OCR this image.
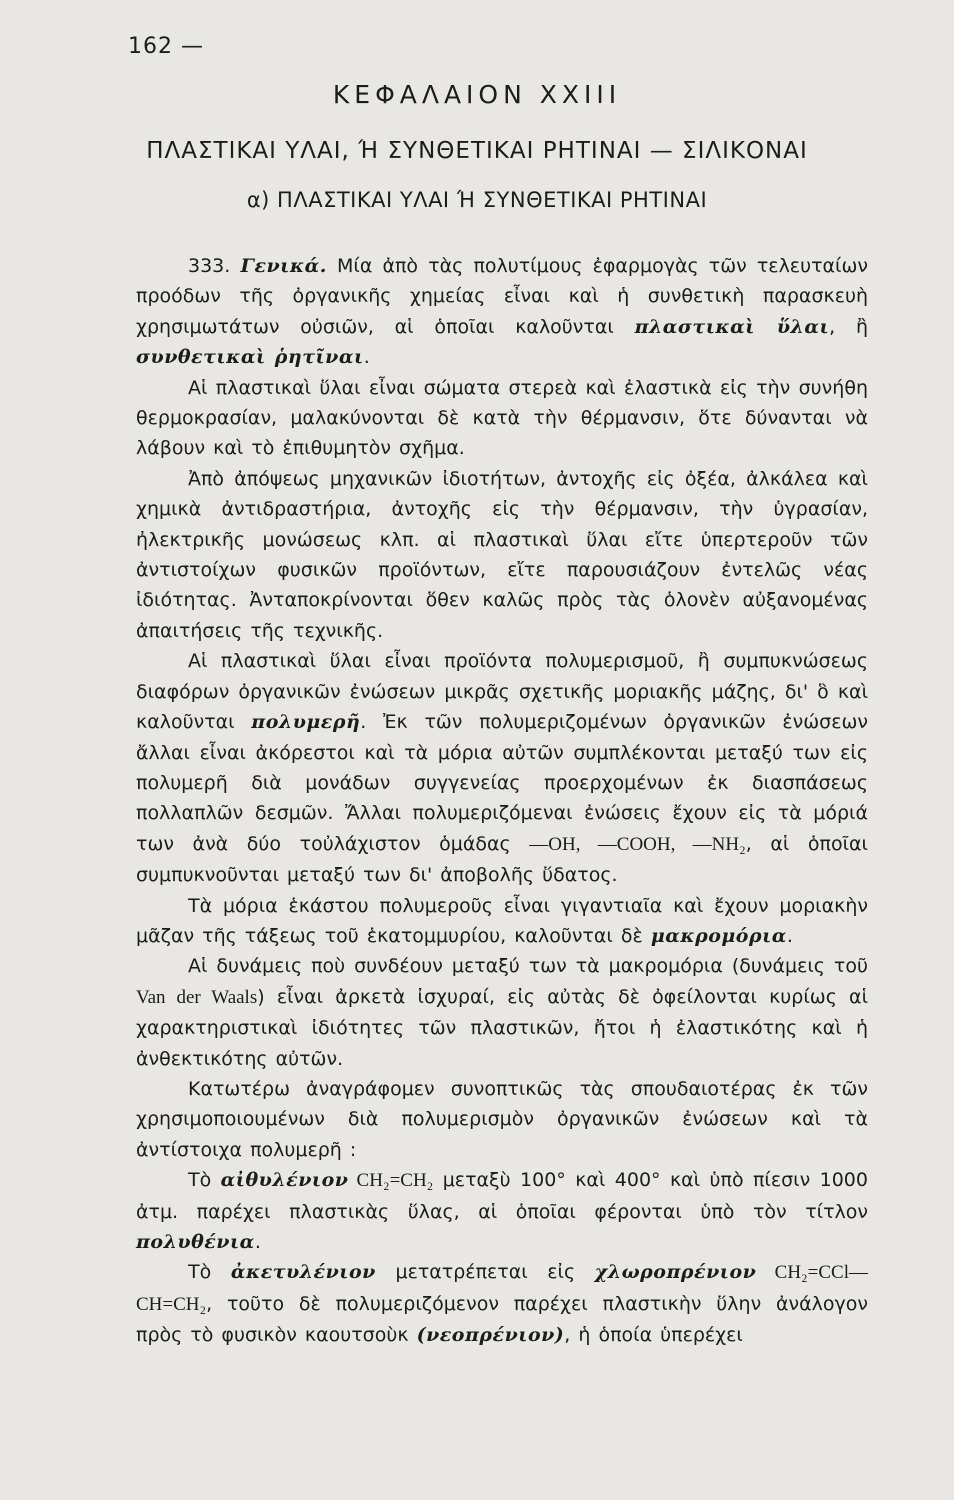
162 —
ΚΕΦΑΛΑΙΟΝ XXIII
ΠΛΑΣΤΙΚΑΙ ΥΛΑΙ, Ή ΣΥΝΘΕΤΙΚΑΙ ΡΗΤΙΝΑΙ — ΣΙΛΙΚΟΝΑΙ
α) ΠΛΑΣΤΙΚΑΙ ΥΛΑΙ Ή ΣΥΝΘΕΤΙΚΑΙ ΡΗΤΙΝΑΙ

333. Γενικά. Μία ἀπὸ τὰς πολυτίμους ἐφαρμογὰς τῶν τελευταίων προόδων τῆς ὀργανικῆς χημείας εἶναι καὶ ἡ συνθετικὴ παρασκευὴ χρησιμωτάτων οὐσιῶν, αἱ ὁποῖαι καλοῦνται πλαστικαὶ ὕλαι, ἢ συνθετικαὶ ῥητῖναι.

Αἱ πλαστικαὶ ὕλαι εἶναι σώματα στερεὰ καὶ ἐλαστικὰ εἰς τὴν συνήθη θερμοκρασίαν, μαλακύνονται δὲ κατὰ τὴν θέρμανσιν, ὅτε δύνανται νὰ λάβουν καὶ τὸ ἐπιθυμητὸν σχῆμα.

Ἀπὸ ἀπόψεως μηχανικῶν ἰδιοτήτων, ἀντοχῆς εἰς ὀξέα, ἀλκάλεα καὶ χημικὰ ἀντιδραστήρια, ἀντοχῆς εἰς τὴν θέρμανσιν, τὴν ὑγρασίαν, ἠλεκτρικῆς μονώσεως κλπ. αἱ πλαστικαὶ ὕλαι εἴτε ὑπερτεροῦν τῶν ἀντιστοίχων φυσικῶν προϊόντων, εἴτε παρουσιάζουν ἐντελῶς νέας ἰδιότητας. Ἀνταποκρίνονται ὅθεν καλῶς πρὸς τὰς ὁλονὲν αὐξανομένας ἀπαιτήσεις τῆς τεχνικῆς.

Αἱ πλαστικαὶ ὕλαι εἶναι προϊόντα πολυμερισμοῦ, ἢ συμπυκνώσεως διαφόρων ὀργανικῶν ἐνώσεων μικρᾶς σχετικῆς μοριακῆς μάζης, δι' ὃ καὶ καλοῦνται πολυμερῆ. Ἐκ τῶν πολυμεριζομένων ὀργανικῶν ἐνώσεων ἄλλαι εἶναι ἀκόρεστοι καὶ τὰ μόρια αὐτῶν συμπλέκονται μεταξύ των εἰς πολυμερῆ διὰ μονάδων συγγενείας προερχομένων ἐκ διασπάσεως πολλαπλῶν δεσμῶν. Ἄλλαι πολυμεριζόμεναι ἐνώσεις ἔχουν εἰς τὰ μόριά των ἀνὰ δύο τοὐλάχιστον ὁμάδας —OH, —COOH, —NH₂, αἱ ὁποῖαι συμπυκνοῦνται μεταξύ των δι' ἀποβολῆς ὕδατος.

Τὰ μόρια ἑκάστου πολυμεροῦς εἶναι γιγαντιαῖα καὶ ἔχουν μοριακὴν μᾶζαν τῆς τάξεως τοῦ ἑκατομμυρίου, καλοῦνται δὲ μακρομόρια.

Αἱ δυνάμεις ποὺ συνδέουν μεταξύ των τὰ μακρομόρια (δυνάμεις τοῦ Van der Waals) εἶναι ἀρκετὰ ἰσχυραί, εἰς αὐτὰς δὲ ὀφείλονται κυρίως αἱ χαρακτηριστικαὶ ἰδιότητες τῶν πλαστικῶν, ἤτοι ἡ ἐλαστικότης καὶ ἡ ἀνθεκτικότης αὐτῶν.

Κατωτέρω ἀναγράφομεν συνοπτικῶς τὰς σπουδαιοτέρας ἐκ τῶν χρησιμοποιουμένων διὰ πολυμερισμὸν ὀργανικῶν ἐνώσεων καὶ τὰ ἀντίστοιχα πολυμερῆ :

Τὸ αἰθυλένιον CH₂=CH₂ μεταξὺ 100° καὶ 400° καὶ ὑπὸ πίεσιν 1000 ἀτμ. παρέχει πλαστικὰς ὕλας, αἱ ὁποῖαι φέρονται ὑπὸ τὸν τίτλον πολυθένια.

Τὸ ἀκετυλένιον μετατρέπεται εἰς χλωροπρένιον CH₂=CCl—CH=CH₂, τοῦτο δὲ πολυμεριζόμενον παρέχει πλαστικὴν ὕλην ἀνάλογον πρὸς τὸ φυσικὸν καουτσοὺκ (νεοπρένιον), ἡ ὁποία ὑπερέχει
